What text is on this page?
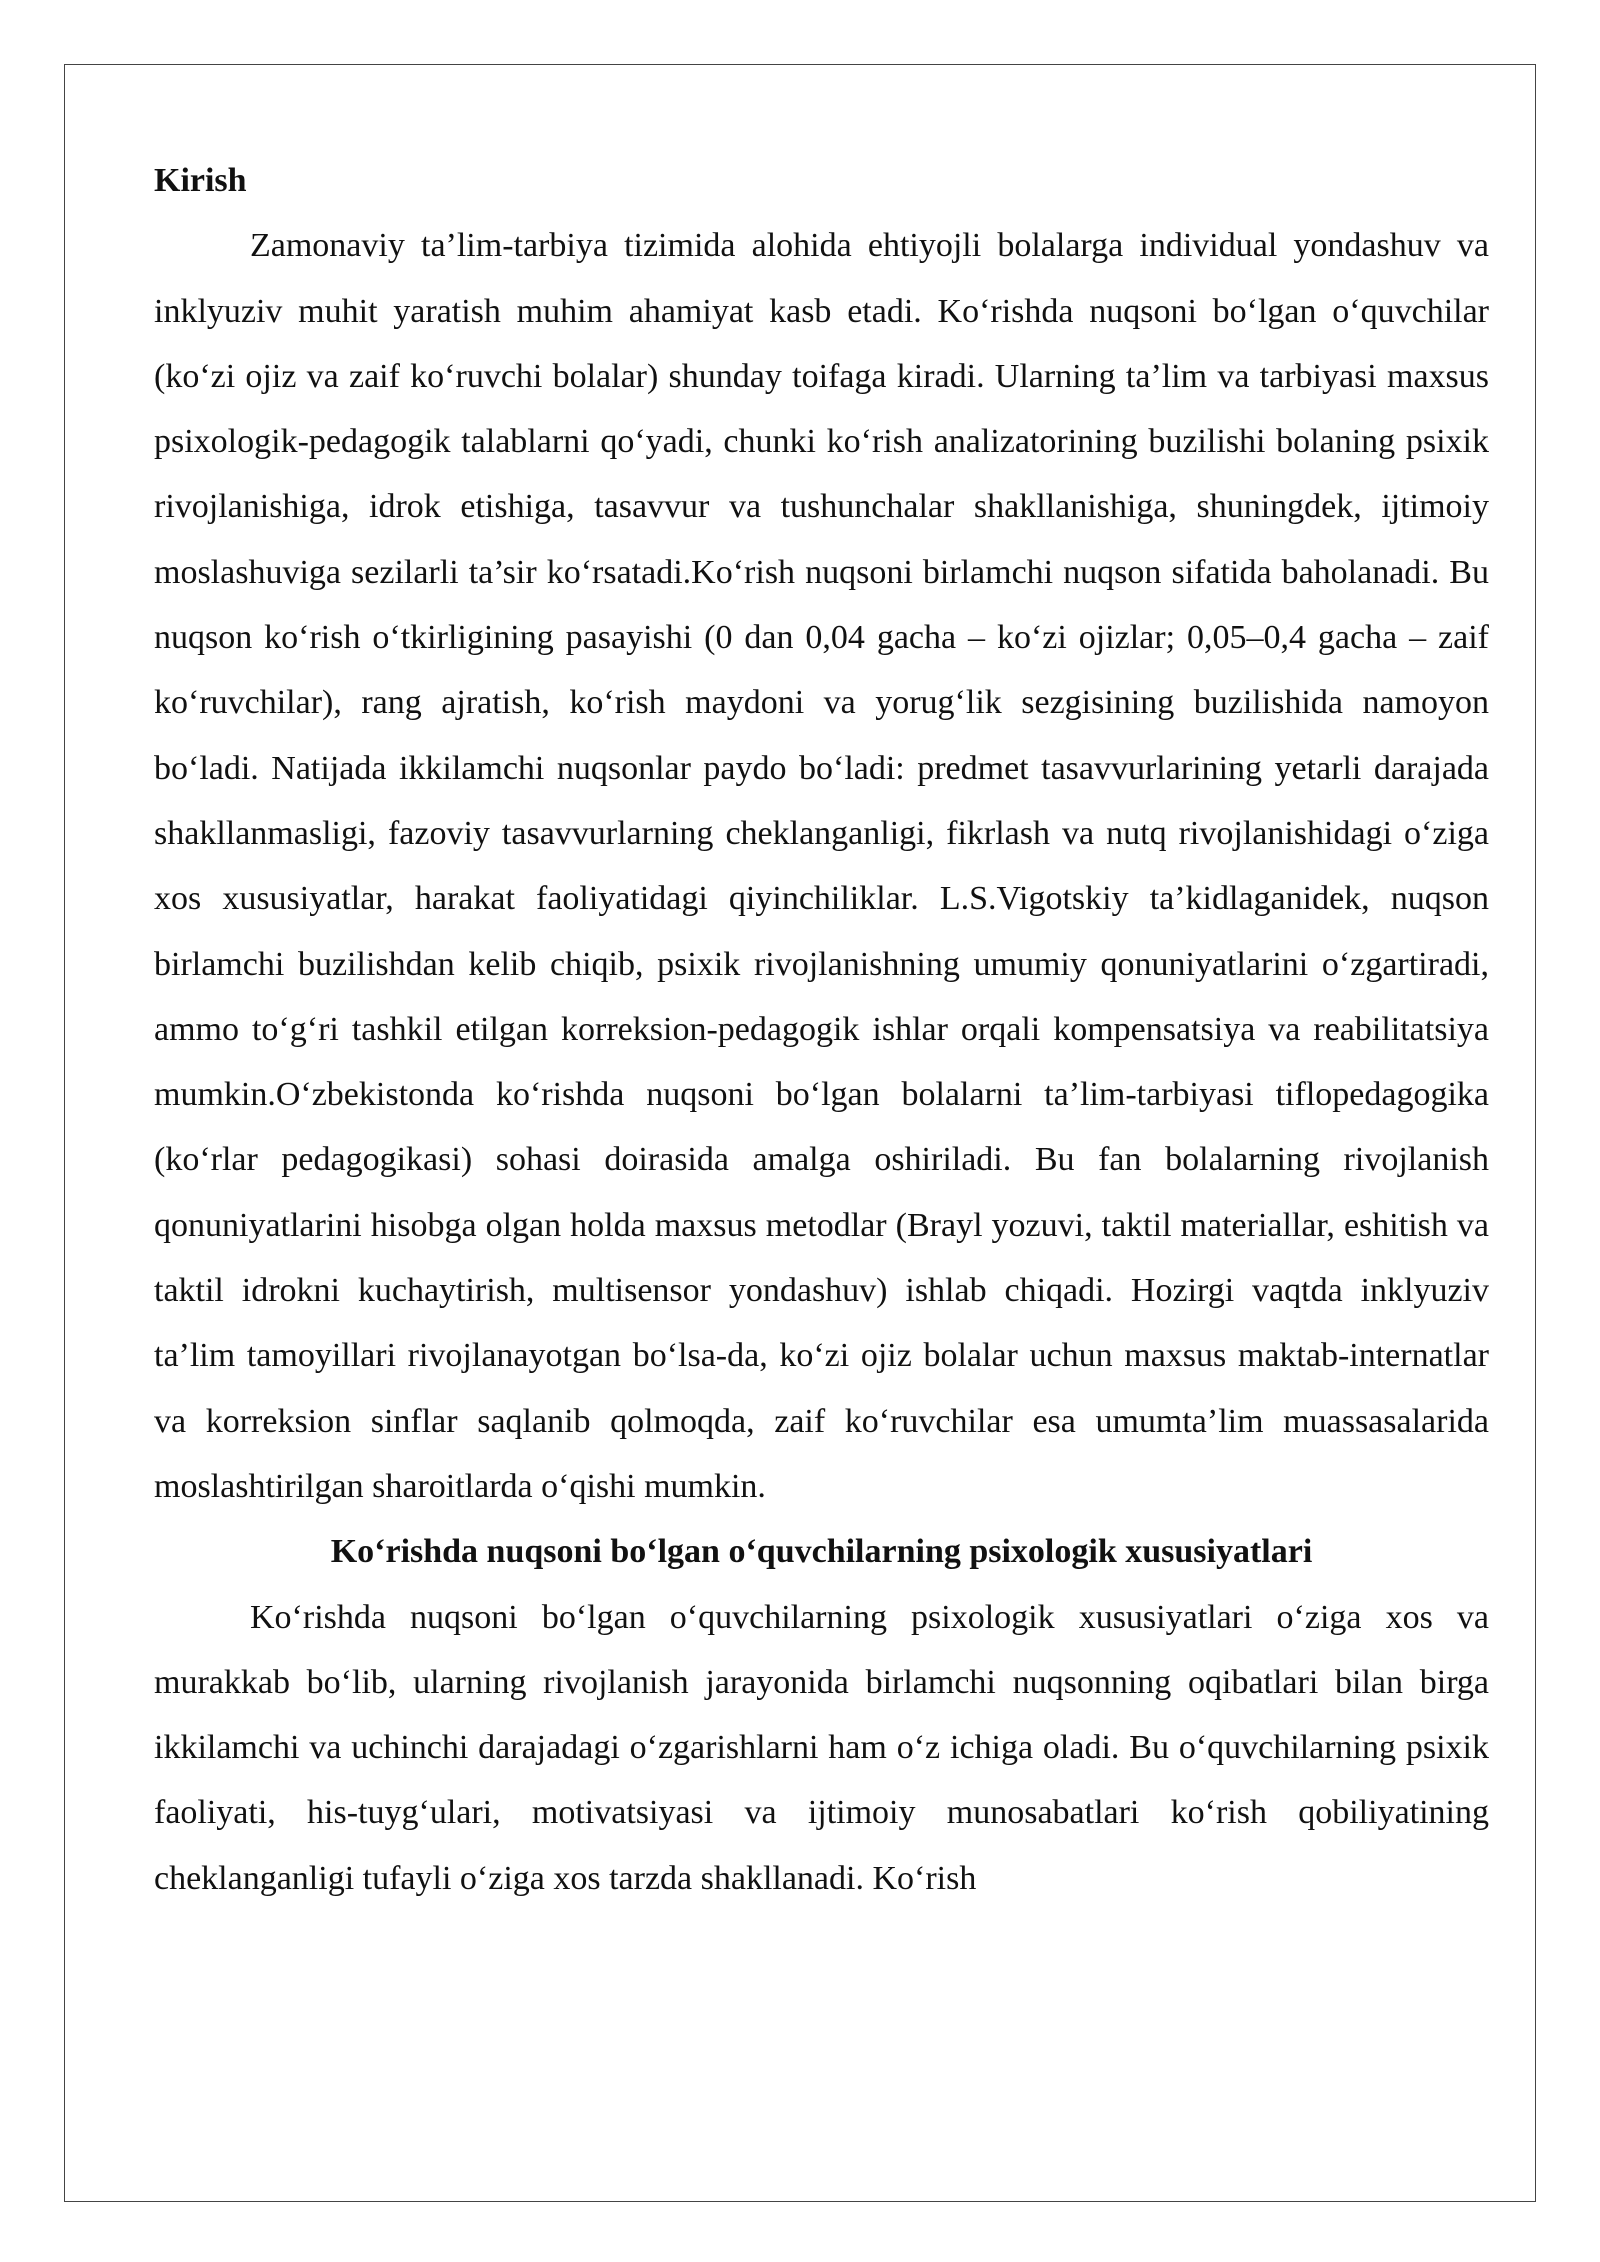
Kirish

Zamonaviy ta’lim-tarbiya tizimida alohida ehtiyojli bolalarga individual yondashuv va inklyuziv muhit yaratish muhim ahamiyat kasb etadi. Ko‘rishda nuqsoni bo‘lgan o‘quvchilar (ko‘zi ojiz va zaif ko‘ruvchi bolalar) shunday toifaga kiradi. Ularning ta’lim va tarbiyasi maxsus psixologik-pedagogik talablarni qo‘yadi, chunki ko‘rish analizatorining buzilishi bolaning psixik rivojlanishiga, idrok etishiga, tasavvur va tushunchalar shakllanishiga, shuningdek, ijtimoiy moslashuviga sezilarli ta’sir ko‘rsatadi.Ko‘rish nuqsoni birlamchi nuqson sifatida baholanadi. Bu nuqson ko‘rish o‘tkirligining pasayishi (0 dan 0,04 gacha – ko‘zi ojizlar; 0,05–0,4 gacha – zaif ko‘ruvchilar), rang ajratish, ko‘rish maydoni va yorug‘lik sezgisining buzilishida namoyon bo‘ladi. Natijada ikkilamchi nuqsonlar paydo bo‘ladi: predmet tasavvurlarining yetarli darajada shakllanmasligi, fazoviy tasavvurlarning cheklanganligi, fikrlash va nutq rivojlanishidagi o‘ziga xos xususiyatlar, harakat faoliyatidagi qiyinchiliklar. L.S.Vigotskiy ta’kidlaganidek, nuqson birlamchi buzilishdan kelib chiqib, psixik rivojlanishning umumiy qonuniyatlarini o‘zgartiradi, ammo to‘g‘ri tashkil etilgan korreksion-pedagogik ishlar orqali kompensatsiya va reabilitatsiya mumkin.O‘zbekistonda ko‘rishda nuqsoni bo‘lgan bolalarni ta’lim-tarbiyasi tiflopedagogika (ko‘rlar pedagogikasi) sohasi doirasida amalga oshiriladi. Bu fan bolalarning rivojlanish qonuniyatlarini hisobga olgan holda maxsus metodlar (Brayl yozuvi, taktil materiallar, eshitish va taktil idrokni kuchaytirish, multisensor yondashuv) ishlab chiqadi. Hozirgi vaqtda inklyuziv ta’lim tamoyillari rivojlanayotgan bo‘lsa-da, ko‘zi ojiz bolalar uchun maxsus maktab-internatlar va korreksion sinflar saqlanib qolmoqda, zaif ko‘ruvchilar esa umumta’lim muassasalarida moslashtirilgan sharoitlarda o‘qishi mumkin.

Ko‘rishda nuqsoni bo‘lgan o‘quvchilarning psixologik xususiyatlari

Ko‘rishda nuqsoni bo‘lgan o‘quvchilarning psixologik xususiyatlari o‘ziga xos va murakkab bo‘lib, ularning rivojlanish jarayonida birlamchi nuqsonning oqibatlari bilan birga ikkilamchi va uchinchi darajadagi o‘zgarishlarni ham o‘z ichiga oladi. Bu o‘quvchilarning psixik faoliyati, his-tuyg‘ulari, motivatsiyasi va ijtimoiy munosabatlari ko‘rish qobiliyatining cheklanganligi tufayli o‘ziga xos tarzda shakllanadi. Ko‘rish
